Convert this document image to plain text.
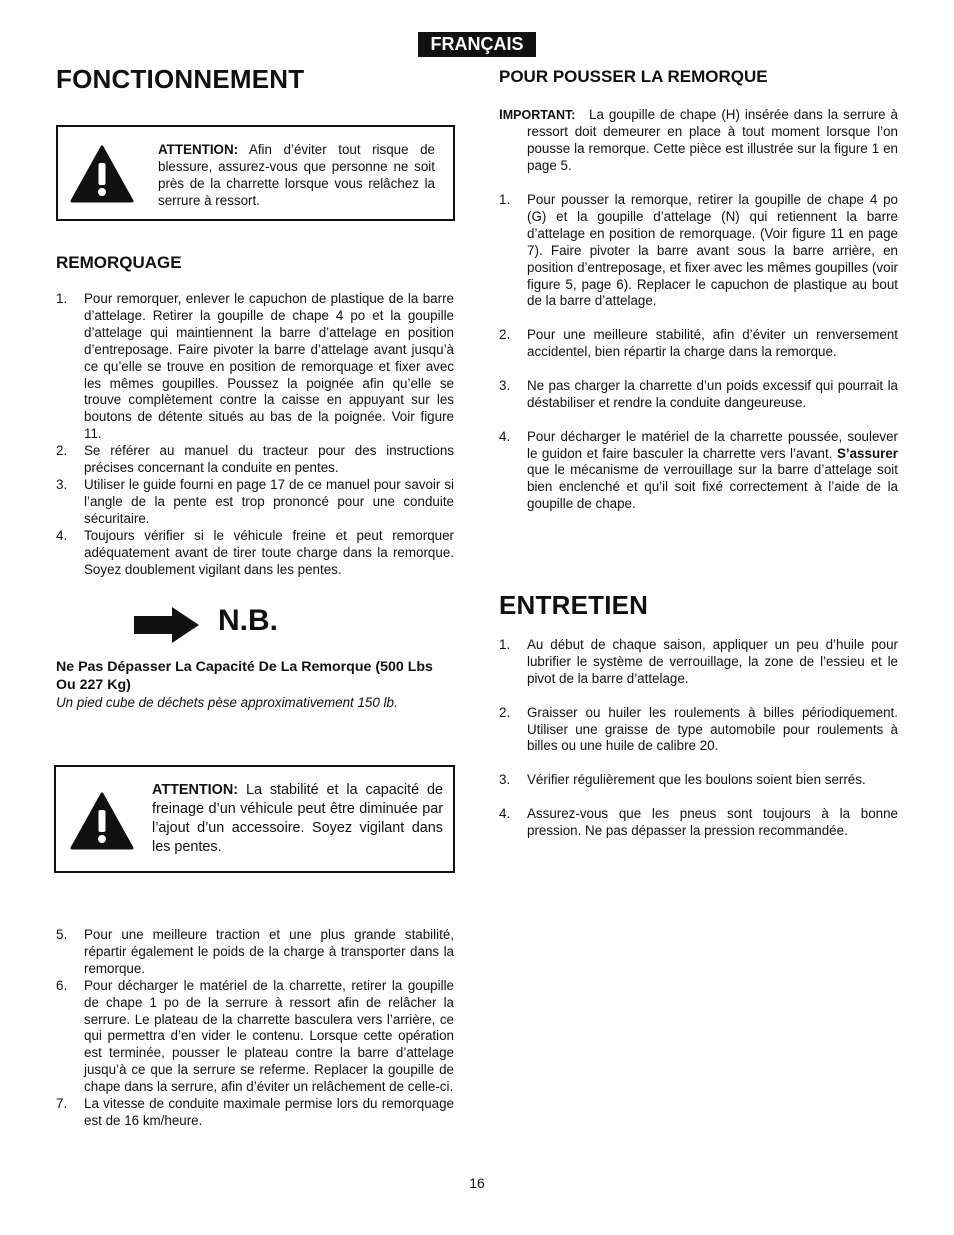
FRANÇAIS
FONCTIONNEMENT
ATTENTION: Afin d’éviter tout risque de blessure, assurez-vous que personne ne soit près de la charrette lorsque vous relâchez la serrure à ressort.
REMORQUAGE
1. Pour remorquer, enlever le capuchon de plastique de la barre d’attelage. Retirer la goupille de chape 4 po et la goupille d’attelage qui maintiennent la barre d’attelage en position d’entreposage. Faire pivoter la barre d’attelage avant jusqu’à ce qu’elle se trouve en position de remorquage et fixer avec les mêmes goupilles. Poussez la poignée afin qu’elle se trouve complètement contre la caisse en appuyant sur les boutons de détente situés au bas de la poignée. Voir figure 11.
2. Se référer au manuel du tracteur pour des instructions précises concernant la conduite en pentes.
3. Utiliser le guide fourni en page 17 de ce manuel pour savoir si l’angle de la pente est trop prononcé pour une conduite sécuritaire.
4. Toujours vérifier si le véhicule freine et peut remorquer adéquatement avant de tirer toute charge dans la remorque. Soyez doublement vigilant dans les pentes.
N.B.

Ne Pas Dépasser La Capacité De La Remorque (500 Lbs Ou 227 Kg)

Un pied cube de déchets pèse approximativement 150 lb.

ATTENTION: La stabilité et la capacité de freinage d’un véhicule peut être diminuée par l’ajout d’un accessoire. Soyez vigilant dans les pentes.
5. Pour une meilleure traction et une plus grande stabilité, répartir également le poids de la charge à transporter dans la remorque.
6. Pour décharger le matériel de la charrette, retirer la goupille de chape 1 po de la serrure à ressort afin de relâcher la serrure. Le plateau de la charrette basculera vers l’arrière, ce qui permettra d’en vider le contenu. Lorsque cette opération est terminée, pousser le plateau contre la barre d’attelage jusqu’à ce que la serrure se referme. Replacer la goupille de chape dans la serrure, afin d’éviter un relâchement de celle-ci.
7. La vitesse de conduite maximale permise lors du remorquage est de 16 km/heure.
POUR POUSSER LA REMORQUE
IMPORTANT: La goupille de chape (H) insérée dans la serrure à ressort doit demeurer en place à tout moment lorsque l’on pousse la remorque. Cette pièce est illustrée sur la figure 1 en page 5.
1. Pour pousser la remorque, retirer la goupille de chape 4 po (G) et la goupille d’attelage (N) qui retiennent la barre d’attelage en position de remorquage. (Voir figure 11 en page 7). Faire pivoter la barre avant sous la barre arrière, en position d’entreposage, et fixer avec les mêmes goupilles (voir figure 5, page 6). Replacer le capuchon de plastique au bout de la barre d’attelage.
2. Pour une meilleure stabilité, afin d’éviter un renversement accidentel, bien répartir la charge dans la remorque.
3. Ne pas charger la charrette d’un poids excessif qui pourrait la déstabiliser et rendre la conduite dangeureuse.
4. Pour décharger le matériel de la charrette poussée, soulever le guidon et faire basculer la charrette vers l’avant. S’assurer que le mécanisme de verrouillage sur la barre d’attelage soit bien enclenché et qu’il soit fixé correctement à l’aide de la goupille de chape.
ENTRETIEN
1. Au début de chaque saison, appliquer un peu d’huile pour lubrifier le système de verrouillage, la zone de l’essieu et le pivot de la barre d’attelage.
2. Graisser ou huiler les roulements à billes périodiquement. Utiliser une graisse de type automobile pour roulements à billes ou une huile de calibre 20.
3. Vérifier régulièrement que les boulons soient bien serrés.
4. Assurez-vous que les pneus sont toujours à la bonne pression. Ne pas dépasser la pression recommandée.
16
